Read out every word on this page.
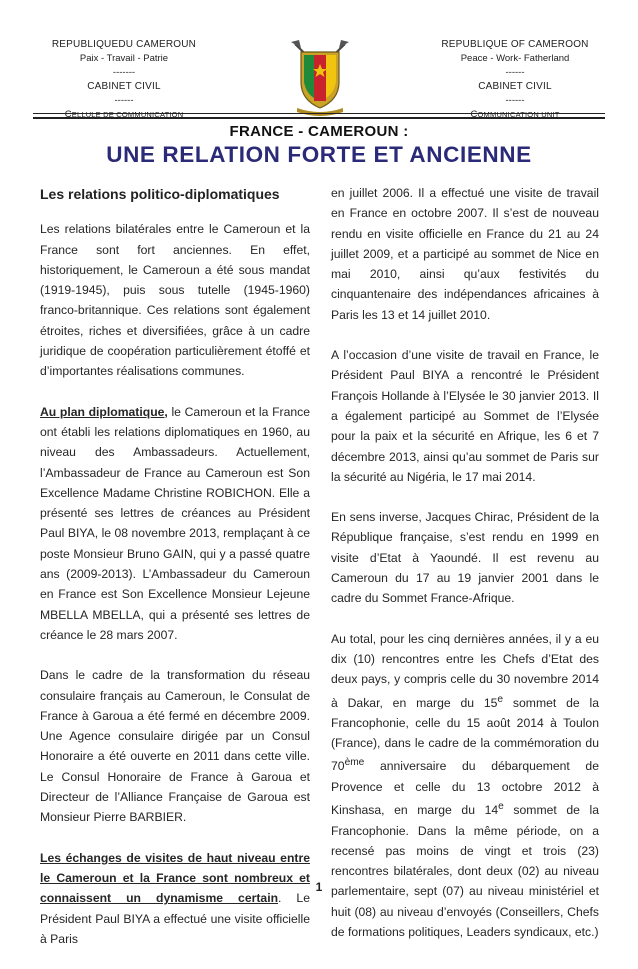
REPUBLIQUEDU CAMEROUN
Paix - Travail - Patrie
-------
CABINET CIVIL
------
CELLULE DE COMMUNICATION
REPUBLIQUE OF CAMEROON
Peace - Work- Fatherland
------
CABINET CIVIL
------
COMMUNICATION UNIT
FRANCE - CAMEROUN :
UNE RELATION FORTE ET ANCIENNE
Les relations politico-diplomatiques

Les relations bilatérales entre le Cameroun et la France sont fort anciennes. En effet, historiquement, le Cameroun a été sous mandat (1919-1945), puis sous tutelle (1945-1960) franco-britannique. Ces relations sont également étroites, riches et diversifiées, grâce à un cadre juridique de coopération particulièrement étoffé et d’importantes réalisations communes.

Au plan diplomatique, le Cameroun et la France ont établi les relations diplomatiques en 1960, au niveau des Ambassadeurs. Actuellement, l’Ambassadeur de France au Cameroun est Son Excellence Madame Christine ROBICHON. Elle a présenté ses lettres de créances au Président Paul BIYA, le 08 novembre 2013, remplaçant à ce poste Monsieur Bruno GAIN, qui y a passé quatre ans (2009-2013). L’Ambassadeur du Cameroun en France est Son Excellence Monsieur Lejeune MBELLA MBELLA, qui a présenté ses lettres de créance le 28 mars 2007.

Dans le cadre de la transformation du réseau consulaire français au Cameroun, le Consulat de France à Garoua a été fermé en décembre 2009. Une Agence consulaire dirigée par un Consul Honoraire a été ouverte en 2011 dans cette ville. Le Consul Honoraire de France à Garoua et Directeur de l’Alliance Française de Garoua est Monsieur Pierre BARBIER.

Les échanges de visites de haut niveau entre le Cameroun et la France sont nombreux et connaissent un dynamisme certain. Le Président Paul BIYA a effectué une visite officielle à Paris

en juillet 2006. Il a effectué une visite de travail en France en octobre 2007. Il s’est de nouveau rendu en visite officielle en France du 21 au 24 juillet 2009, et a participé au sommet de Nice en mai 2010, ainsi qu’aux festivités du cinquantenaire des indépendances africaines à Paris les 13 et 14 juillet 2010.

A l’occasion d’une visite de travail en France, le Président Paul BIYA a rencontré le Président François Hollande à l’Elysée le 30 janvier 2013. Il a également participé au Sommet de l’Elysée pour la paix et la sécurité en Afrique, les 6 et 7 décembre 2013, ainsi qu’au sommet de Paris sur la sécurité au Nigéria, le 17 mai 2014.

En sens inverse, Jacques Chirac, Président de la République française, s’est rendu en 1999 en visite d’Etat à Yaoundé. Il est revenu au Cameroun du 17 au 19 janvier 2001 dans le cadre du Sommet France-Afrique.

Au total, pour les cinq dernières années, il y a eu dix (10) rencontres entre les Chefs d’Etat des deux pays, y compris celle du 30 novembre 2014 à Dakar, en marge du 15e sommet de la Francophonie, celle du 15 août 2014 à Toulon (France), dans le cadre de la commémoration du 70ème anniversaire du débarquement de Provence et celle du 13 octobre 2012 à Kinshasa, en marge du 14e sommet de la Francophonie. Dans la même période, on a recensé pas moins de vingt et trois (23) rencontres bilatérales, dont deux (02) au niveau parlementaire, sept (07) au niveau ministériel et huit (08) au niveau d’envoyés (Conseillers, Chefs de formations politiques, Leaders syndicaux, etc.)

1
